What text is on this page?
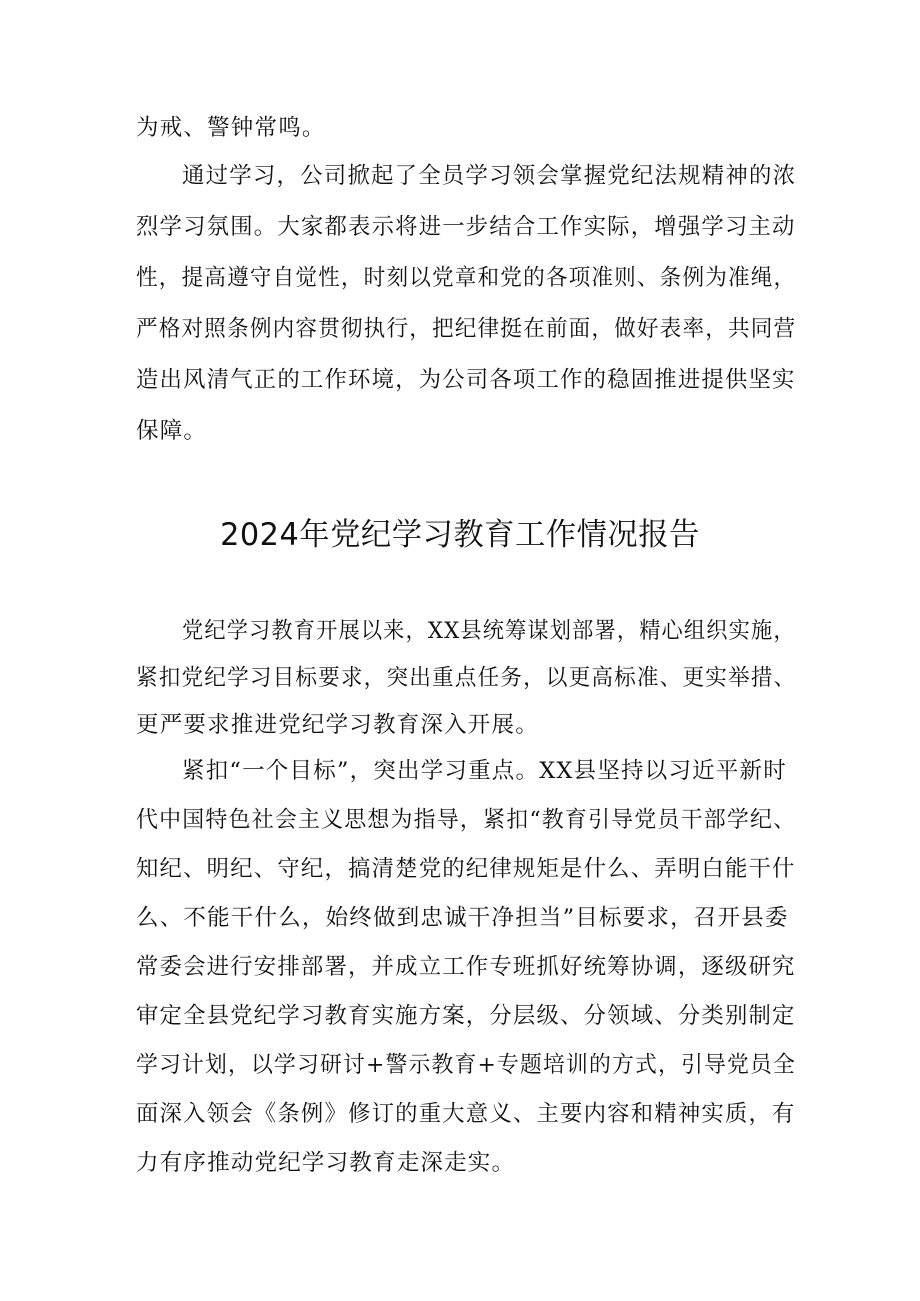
为戒、警钟常鸣。
通过学习，公司掀起了全员学习领会掌握党纪法规精神的浓
烈学习氛围。大家都表示将进一步结合工作实际，增强学习主动
性，提高遵守自觉性，时刻以党章和党的各项准则、条例为准绳，
严格对照条例内容贯彻执行，把纪律挺在前面，做好表率，共同营
造出风清气正的工作环境，为公司各项工作的稳固推进提供坚实
保障。
2024年党纪学习教育工作情况报告
党纪学习教育开展以来，XX县统筹谋划部署，精心组织实施，
紧扣党纪学习目标要求，突出重点任务，以更高标准、更实举措、
更严要求推进党纪学习教育深入开展。
紧扣“一个目标”，突出学习重点。XX县坚持以习近平新时
代中国特色社会主义思想为指导，紧扣“教育引导党员干部学纪、
知纪、明纪、守纪，搞清楚党的纪律规矩是什么、弄明白能干什
么、不能干什么，始终做到忠诚干净担当”目标要求，召开县委
常委会进行安排部署，并成立工作专班抓好统筹协调，逐级研究
审定全县党纪学习教育实施方案，分层级、分领域、分类别制定
学习计划，以学习研讨+警示教育+专题培训的方式，引导党员全
面深入领会《条例》修订的重大意义、主要内容和精神实质，有
力有序推动党纪学习教育走深走实。
